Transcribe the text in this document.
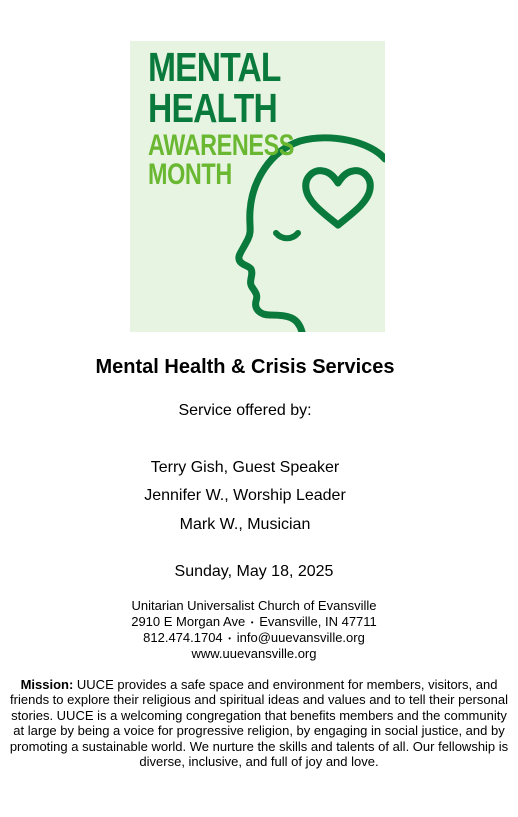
MENTAL
HEALTH
AWARENESS
MONTH
Mental Health & Crisis Services

Service offered by:

Terry Gish, Guest Speaker

Jennifer W., Worship Leader

Mark W., Musician

Sunday, May 18, 2025

Unitarian Universalist Church of Evansville

2910 E Morgan Ave • Evansville, IN 47711

812.474.1704 • info@uuevansville.org

www.uuevansville.org

Mission: UUCE provides a safe space and environment for members, visitors, and friends to explore their religious and spiritual ideas and values and to tell their personal stories. UUCE is a welcoming congregation that benefits members and the community at large by being a voice for progressive religion, by engaging in social justice, and by promoting a sustainable world. We nurture the skills and talents of all. Our fellowship is diverse, inclusive, and full of joy and love.
